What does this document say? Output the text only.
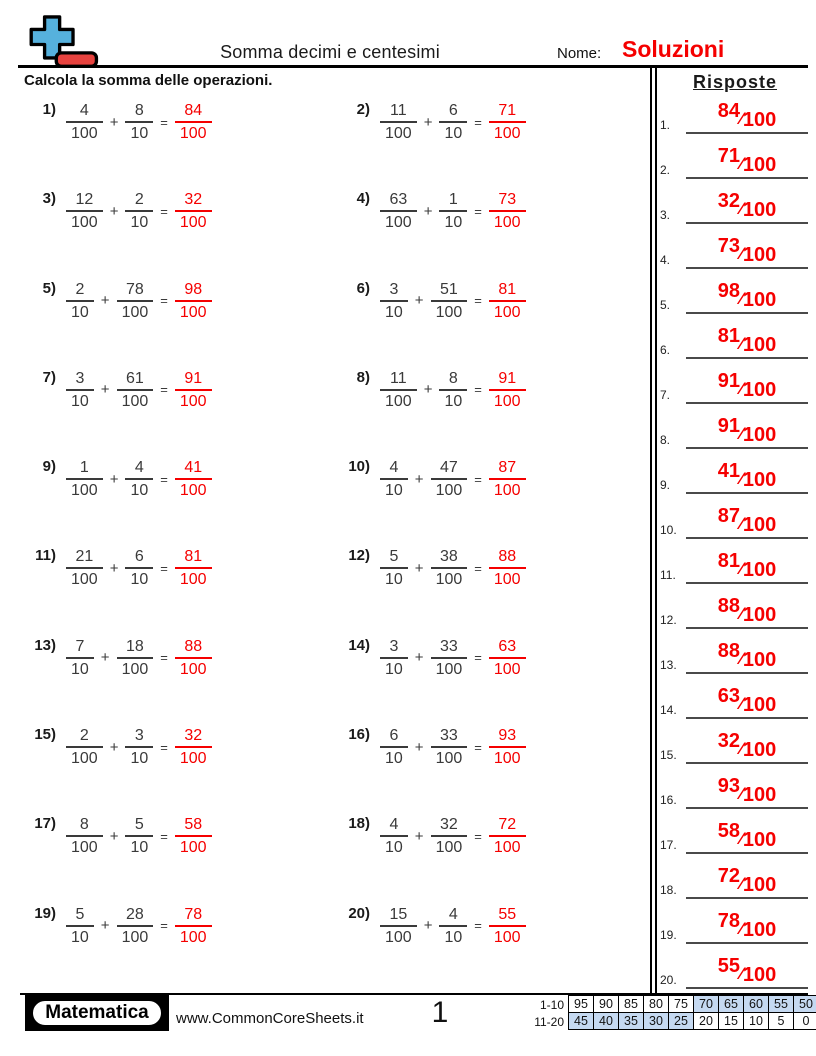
Somma decimi e centesimi	Nome: Soluzioni
Calcola la somma delle operazioni.
$1) \frac{4}{100} + \frac{8}{10} = \frac{84}{100}$	$2) \frac{11}{100} + \frac{6}{10} = \frac{71}{100}$
$3) \frac{12}{100} + \frac{2}{10} = \frac{32}{100}$	$4) \frac{63}{100} + \frac{1}{10} = \frac{73}{100}$
$5) \frac{2}{10} + \frac{78}{100} = \frac{98}{100}$	$6) \frac{3}{10} + \frac{51}{100} = \frac{81}{100}$
$7) \frac{3}{10} + \frac{61}{100} = \frac{91}{100}$	$8) \frac{11}{100} + \frac{8}{10} = \frac{91}{100}$
$9) \frac{1}{100} + \frac{4}{10} = \frac{41}{100}$	$10) \frac{4}{10} + \frac{47}{100} = \frac{87}{100}$
$11) \frac{21}{100} + \frac{6}{10} = \frac{81}{100}$	$12) \frac{5}{10} + \frac{38}{100} = \frac{88}{100}$
$13) \frac{7}{10} + \frac{18}{100} = \frac{88}{100}$	$14) \frac{3}{10} + \frac{33}{100} = \frac{63}{100}$
$15) \frac{2}{100} + \frac{3}{10} = \frac{32}{100}$	$16) \frac{6}{10} + \frac{33}{100} = \frac{93}{100}$
$17) \frac{8}{100} + \frac{5}{10} = \frac{58}{100}$	$18) \frac{4}{10} + \frac{32}{100} = \frac{72}{100}$
$19) \frac{5}{10} + \frac{28}{100} = \frac{78}{100}$	$20) \frac{15}{100} + \frac{4}{10} = \frac{55}{100}$
Risposte
1.
84⁄100
2.
71⁄100
3.
32⁄100
4.
73⁄100
5.
98⁄100
6.
81⁄100
7.
91⁄100
8.
91⁄100
9.
41⁄100
10.
87⁄100
11.
81⁄100
12.
88⁄100
13.
88⁄100
14.
63⁄100
15.
32⁄100
16.
93⁄100
17.
58⁄100
18.
72⁄100
19.
78⁄100
20.
55⁄100
Matematica	www.CommonCoreSheets.it	1	1-10 95 90 85 80 75 70 65 60 55 50
11-20 45 40 35 30 25 20 15 10	5	0
